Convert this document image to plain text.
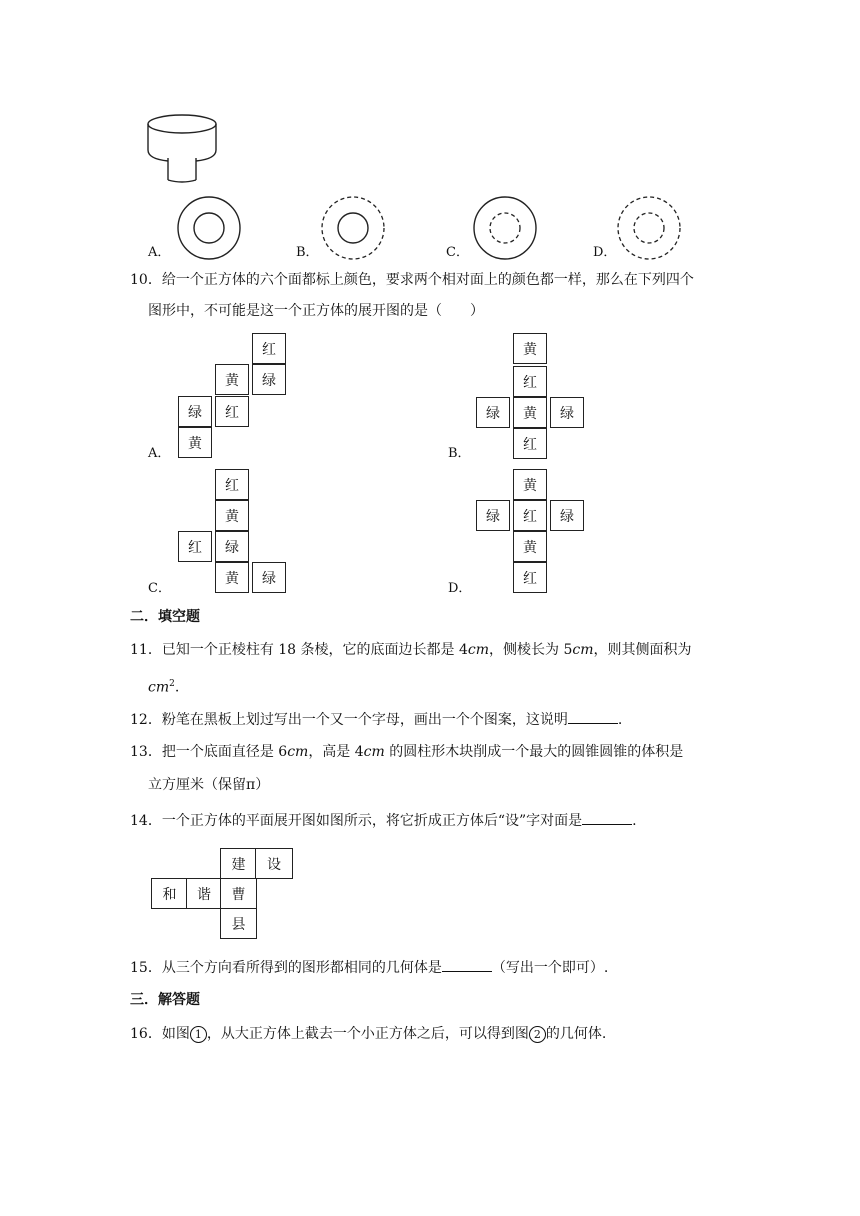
A．	B．	C．	D．
10．给一个正方体的六个面都标上颜色，要求两个相对面上的颜色都一样，那么在下列四个
图形中，不可能是这一个正方体的展开图的是（　　）
红
黄	绿
绿	红
黄
A．
黄
红
绿	黄	绿
红
B．
红
黄
红	绿
黄	绿
C．
黄
绿	红	绿
黄
红
D．
二．填空题
11．已知一个正棱柱有 18 条棱，它的底面边长都是 4cm，侧棱长为 5cm，则其侧面积为
$cm^2$.
12．粉笔在黑板上划过写出一个又一个字母，画出一个个图案，这说明	.
13．把一个底面直径是 6cm，高是 4cm 的圆柱形木块削成一个最大的圆锥圆锥的体积是
立方厘米（保留π）
14．一个正方体的平面展开图如图所示，将它折成正方体后“设”字对面是	.
建	设
和	谐	曹
县
15．从三个方向看所得到的图形都相同的几何体是	（写出一个即可）.
三．解答题
16．如图 1 ，从大正方体上截去一个小正方体之后，可以得到图 2 的几何体.
